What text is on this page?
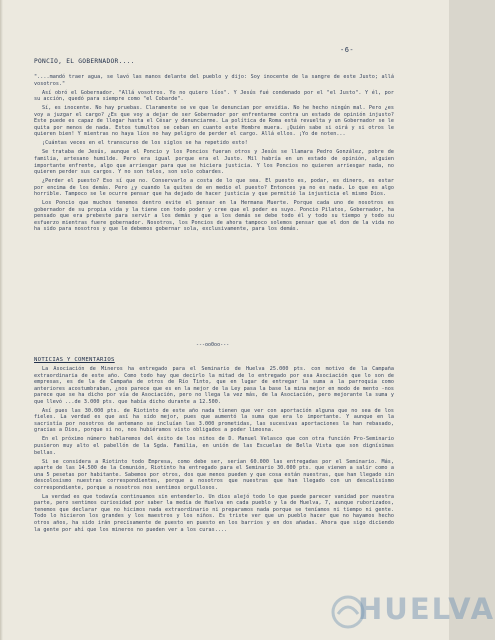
-6-
PONCIO, EL GOBERNADOR....

"....mandó traer agua, se lavó las manos delante del pueblo y dijo: Soy inocente de la sangre de este Justo; allá vosotros."

Así obró el Gobernador. "Allá vosotros. Yo no quiero líos". Y Jesús fué condenado por el "el Justo". Y él, por su acción, quedó para siempre como "el Cobarde".

Sí, es inocente. No hay pruebas. Claramente se ve que le denuncian por envidia. No he hecho ningún mal. Pero ¿es voy a juzgar el cargo? ¿Es que voy a dejar de ser Gobernador por enfrentarme contra un estado de opinión injusto? Este puede es capaz de llegar hasta el César y denunciarme. La política de Roma está revuelta y un Gobernador se le quita por menos de nada. Estos tumultos se ceban en cuanto este Hombre muera. ¡Quién sabe si oirá y si otros le quieren bien! Y mientras no haya líos no hay peligro de perder el cargo. Allá ellos. ¡Yo de noten...

¡Cuántas veces en el transcurso de los siglos se ha repetido esto!

Se trataba de Jesús, aunque el Poncio y los Poncios fueran otros y Jesús se llamara Pedro González, pobre de familia, artesano humilde. Pero era igual porque era el Justo. Mil habría en un estado de opinión, alguien importante enfrente, algo que arriesgar para que se hiciera justicia. Y los Poncios no quieren arriesgar nada, no quieren perder sus cargos. Y no son telos, son solo cobardes.

¿Perder el puesto? Eso sí que no. Conservarlo a costa de lo que sea. El puesto es, podar, es dinero, es estar por encima de los demás. Pero ¿y cuando la quites de en medio el puesto? Entonces ya no es nada. Lo que es algo horrible. Tampoco se le ocurre pensar que ha dejado de hacer justicia y que permitió la injusticia el mismo Dios.

Los Poncio que muchos tenemos dentro evite el pensar en la Hermana Muerte. Porque cada uno de nosotros es gobernador de su propia vida y la tiene con todo poder y cree que el poder es suyo. Poncio Pilatos, Gobernador, ha pensado que era prebeste para servir a los demás y que a los demás se debe todo él y todo su tiempo y todo su esfuerzo mientras fuere gobernador. Nosotros, los Poncios de ahora tampoco solemos pensar que el don de la vida no ha sido para nosotros y que le debemos gobernar sola, exclusivamente, para los demás.

---oo0oo---
NOTICIAS Y COMENTARIOS

La Asociación de Mineros ha entregado para el Seminario de Huelva 25.000 pts. con motivo de la Campaña extraordinaria de este año. Como todo hay que decirlo la mitad de lo entregado por esa Asociación que lo son de empresas, es de la de Campaña de otros de Río Tinto, que en lugar de entregar la suma a la parroquia como anteriores acostumbraban, ¿nos parece que es en la mejor de la Ley pasa la base la mina mejor en modo de mento -nos parece que se ha dicho por vía de Asociación, pero no llega la vez más, de la Asociación, pero mejorante la suma y que llevó ...de 3.000 pts. que había dicho durante a 12.500.

Así pues las 30.000 pts. de Riotinto de este año nada tienen que ver con aportación alguna que no sea de los fieles. La verdad es que así ha sido mejor, pues que aumentó la suma que era lo importante. Y aunque en la sacristía por nosotros de antemano se incluían las 3.000 prometidas, las sucesivas aportaciones la han rebasado, gracias a Dios, porque si no, nos hubiéramos visto obligados a poder limosna.

En el próximo número hablaremos del éxito de los niños de D. Manuel Velasco que con otra función Pro-Seminario pusieron muy alto el pabellón de la Sgda. Familia, en unión de las Escuelas de Bella Vista que son dignísimas bellas.

Si se considera a Riotinto todo Empresa, como debe ser, serían 60.000 las entregadas por el Seminario. Más, aparte de las 14.500 de la Comunión, Riotinto ha entregado para el Seminario 30.000 pts. que vienen a salir como a una 5 pesetas por habitante. Sabemos por otros, dos que menos pueden y que cosa están nuestras, que han llegado sin descolosismo nuestras correspondientes, porque a nosotros que nuestras que han llegado con un descalisismo correspondiente, porque a nosotros nos sentimos orgullosos.

La verdad es que todavía continuamos sin entenderlo. Un dios alejó todo lo que puede parecer vanidad por nuestra parte, pero sentimos curiosidad por saber la media de Huelva en cada pueblo y la de Huelva, 7, aunque ruborizados, tenemos que declarar que no hicimos nada extraordinario ni preparamos nada porque se teníamos ni tiempo ni gente. Todo lo hicieron los grandes y los maestros y los niños. Es triste ver que un pueblo hacer que no hayamos hecho otros años, ha sido irán precisamente de puesto en puesto en los barrios y en dos añadas. Ahora que sigo diciendo la gente por ahí que los mineros no pueden ver a los curas....

HUELVA
